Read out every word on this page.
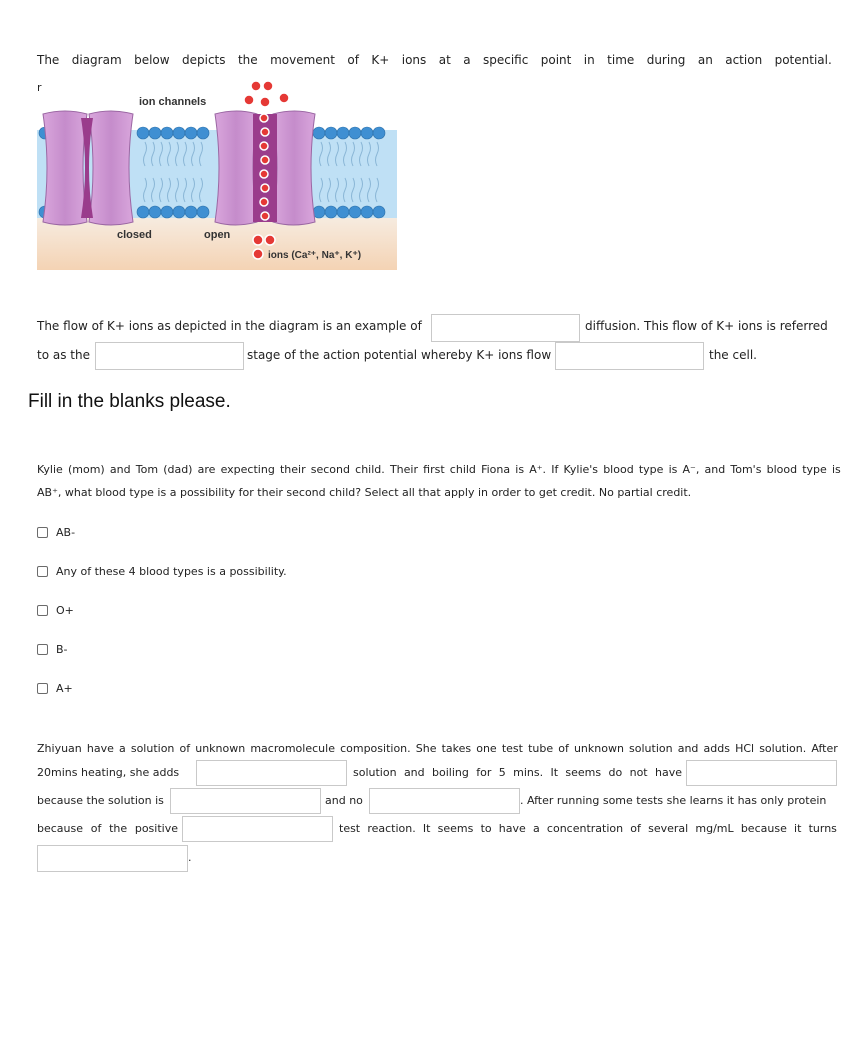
The diagram below depicts the movement of K+ ions at a specific point in time during an action potential.
r
ion channels
closed	open
ions (Ca²⁺, Na⁺, K⁺)
The flow of K+ ions as depicted in the diagram is an example of	diffusion. This flow of K+ ions is referred
to as the	stage of the action potential whereby K+ ions flow	the cell.
Fill in the blanks please.
Kylie (mom) and Tom (dad) are expecting their second child. Their first child Fiona is A⁺. If Kylie's blood type is A⁻, and Tom's blood type is
AB⁺, what blood type is a possibility for their second child? Select all that apply in order to get credit. No partial credit.
AB-
Any of these 4 blood types is a possibility.
O+
B-
A+
Zhiyuan have a solution of unknown macromolecule composition. She takes one test tube of unknown solution and adds HCl solution. After
20mins heating, she adds	solution and boiling for 5 mins. It seems do not have
because the solution is	and no	. After running some tests she learns it has only protein
because of the positive	test reaction. It seems to have a concentration of several mg/mL because it turns
.
